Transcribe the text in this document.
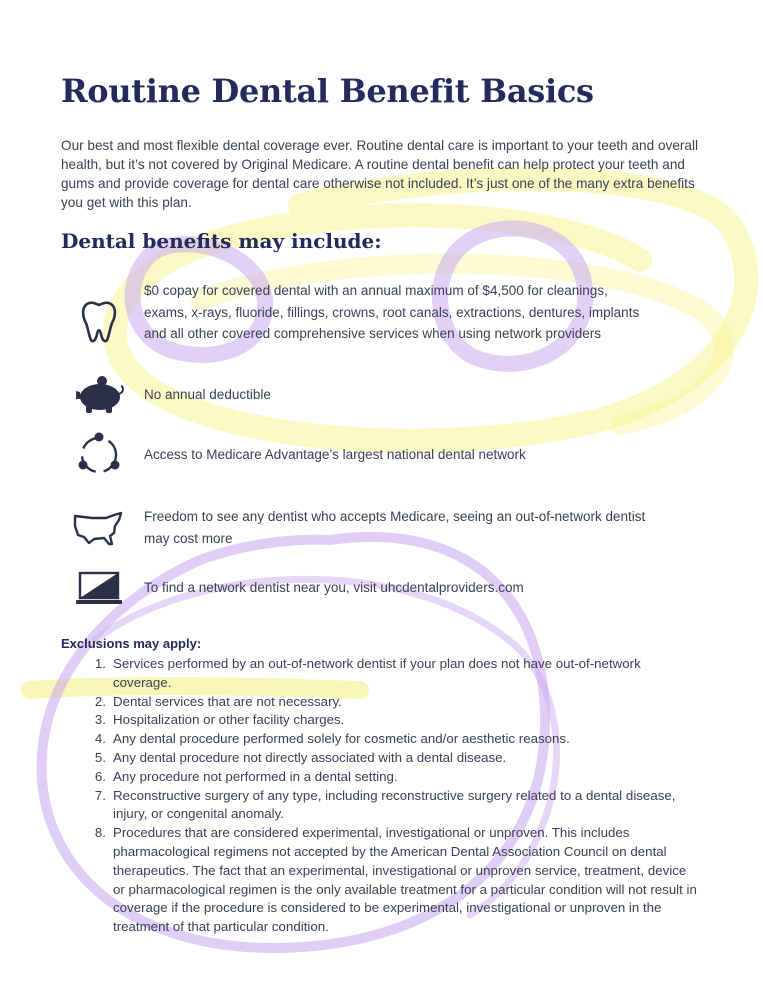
Routine Dental Benefit Basics

Our best and most flexible dental coverage ever. Routine dental care is important to your teeth and overall health, but it’s not covered by Original Medicare. A routine dental benefit can help protect your teeth and gums and provide coverage for dental care otherwise not included. It’s just one of the many extra benefits you get with this plan.

Dental benefits may include:

$0 copay for covered dental with an annual maximum of $4,500 for cleanings, exams, x-rays, fluoride, fillings, crowns, root canals, extractions, dentures, implants and all other covered comprehensive services when using network providers

No annual deductible

Access to Medicare Advantage’s largest national dental network

Freedom to see any dentist who accepts Medicare, seeing an out-of-network dentist may cost more

To find a network dentist near you, visit uhcdentalproviders.com

Exclusions may apply:
1 . Services performed by an out-of-network dentist if your plan does not have out-of-network coverage.
2 . Dental services that are not necessary.
3 . Hospitalization or other facility charges.
4 . Any dental procedure performed solely for cosmetic and/or aesthetic reasons.
5 . Any dental procedure not directly associated with a dental disease.
6 . Any procedure not performed in a dental setting.
7 . Reconstructive surgery of any type, including reconstructive surgery related to a dental disease, injury, or congenital anomaly.
8 . Procedures that are considered experimental, investigational or unproven. This includes pharmacological regimens not accepted by the American Dental Association Council on dental therapeutics. The fact that an experimental, investigational or unproven service, treatment, device or pharmacological regimen is the only available treatment for a particular condition will not result in coverage if the procedure is considered to be experimental, investigational or unproven in the treatment of that particular condition.
